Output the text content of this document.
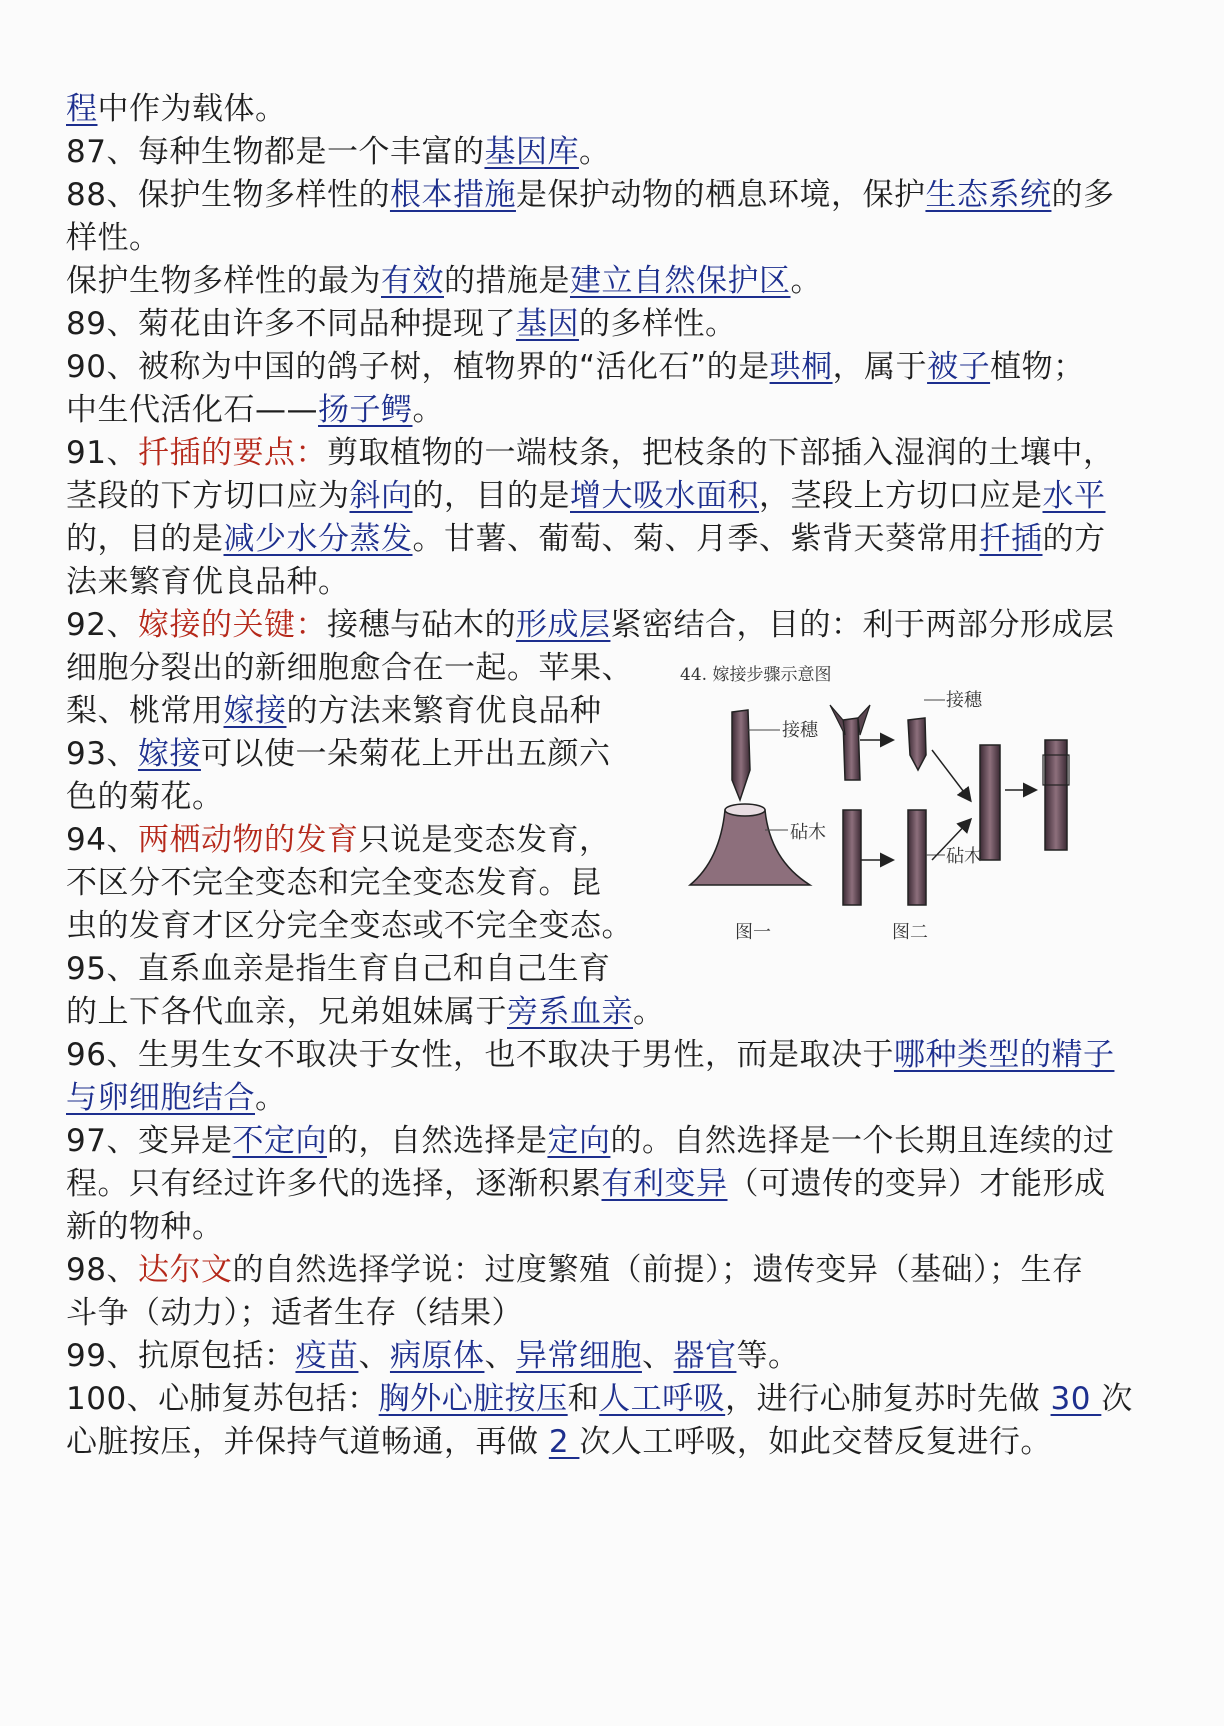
程中作为载体。
87、每种生物都是一个丰富的基因库。
88、保护生物多样性的根本措施是保护动物的栖息环境，保护生态系统的多
样性。
保护生物多样性的最为有效的措施是建立自然保护区。
89、菊花由许多不同品种提现了基因的多样性。
90、被称为中国的鸽子树，植物界的“活化石”的是珙桐，属于被子植物；
中生代活化石——扬子鳄。
91、扦插的要点：剪取植物的一端枝条，把枝条的下部插入湿润的土壤中，
茎段的下方切口应为斜向的，目的是增大吸水面积，茎段上方切口应是水平
的，目的是减少水分蒸发。甘薯、葡萄、菊、月季、紫背天葵常用扦插的方
法来繁育优良品种。
92、嫁接的关键：接穗与砧木的形成层紧密结合，目的：利于两部分形成层
细胞分裂出的新细胞愈合在一起。苹果、
梨、桃常用嫁接的方法来繁育优良品种
93、嫁接可以使一朵菊花上开出五颜六
色的菊花。
94、两栖动物的发育只说是变态发育，
不区分不完全变态和完全变态发育。昆
虫的发育才区分完全变态或不完全变态。
95、直系血亲是指生育自己和自己生育
的上下各代血亲，兄弟姐妹属于旁系血亲。
96、生男生女不取决于女性，也不取决于男性，而是取决于哪种类型的精子
与卵细胞结合。
97、变异是不定向的，自然选择是定向的。自然选择是一个长期且连续的过
程。只有经过许多代的选择，逐渐积累有利变异（可遗传的变异）才能形成
新的物种。
98、达尔文的自然选择学说：过度繁殖（前提）；遗传变异（基础）；生存
斗争（动力）；适者生存（结果）
99、抗原包括：疫苗、病原体、异常细胞、器官等。
100、心肺复苏包括：胸外心脏按压和人工呼吸，进行心肺复苏时先做 30 次
心脏按压，并保持气道畅通，再做 2 次人工呼吸，如此交替反复进行。
44. 嫁接步骤示意图
接穗
接穗
砧木
砧木
图一	图二
